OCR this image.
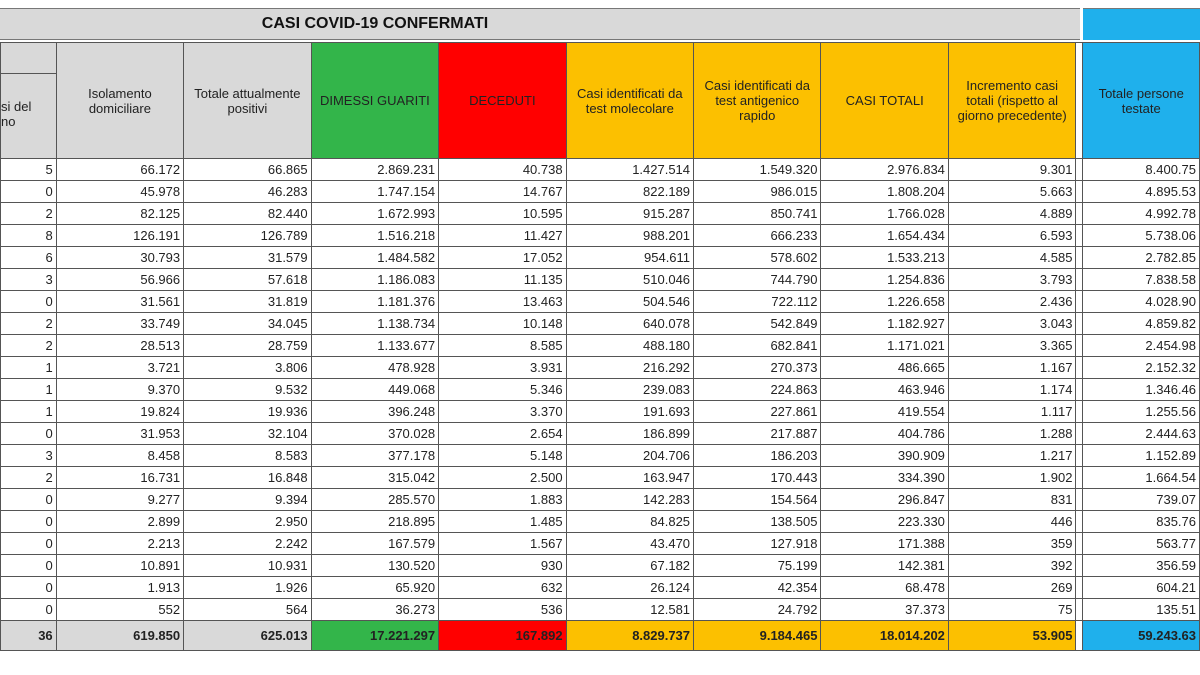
CASI COVID-19 CONFERMATI
si del
no	Isolamento domiciliare	Totale attualmente positivi	DIMESSI GUARITI	DECEDUTI	Casi identificati da test molecolare	Casi identificati da test antigenico rapido	CASI TOTALI	Incremento casi totali (rispetto al giorno precedente)		Totale persone testate
5	66.172	66.865	2.869.231	40.738	1.427.514	1.549.320	2.976.834	9.301		8.400.75
0	45.978	46.283	1.747.154	14.767	822.189	986.015	1.808.204	5.663		4.895.53
2	82.125	82.440	1.672.993	10.595	915.287	850.741	1.766.028	4.889		4.992.78
8	126.191	126.789	1.516.218	11.427	988.201	666.233	1.654.434	6.593		5.738.06
6	30.793	31.579	1.484.582	17.052	954.611	578.602	1.533.213	4.585		2.782.85
3	56.966	57.618	1.186.083	11.135	510.046	744.790	1.254.836	3.793		7.838.58
0	31.561	31.819	1.181.376	13.463	504.546	722.112	1.226.658	2.436		4.028.90
2	33.749	34.045	1.138.734	10.148	640.078	542.849	1.182.927	3.043		4.859.82
2	28.513	28.759	1.133.677	8.585	488.180	682.841	1.171.021	3.365		2.454.98
1	3.721	3.806	478.928	3.931	216.292	270.373	486.665	1.167		2.152.32
1	9.370	9.532	449.068	5.346	239.083	224.863	463.946	1.174		1.346.46
1	19.824	19.936	396.248	3.370	191.693	227.861	419.554	1.117		1.255.56
0	31.953	32.104	370.028	2.654	186.899	217.887	404.786	1.288		2.444.63
3	8.458	8.583	377.178	5.148	204.706	186.203	390.909	1.217		1.152.89
2	16.731	16.848	315.042	2.500	163.947	170.443	334.390	1.902		1.664.54
0	9.277	9.394	285.570	1.883	142.283	154.564	296.847	831		739.07
0	2.899	2.950	218.895	1.485	84.825	138.505	223.330	446		835.76
0	2.213	2.242	167.579	1.567	43.470	127.918	171.388	359		563.77
0	10.891	10.931	130.520	930	67.182	75.199	142.381	392		356.59
0	1.913	1.926	65.920	632	26.124	42.354	68.478	269		604.21
0	552	564	36.273	536	12.581	24.792	37.373	75		135.51
36	619.850	625.013	17.221.297	167.892	8.829.737	9.184.465	18.014.202	53.905		59.243.63
